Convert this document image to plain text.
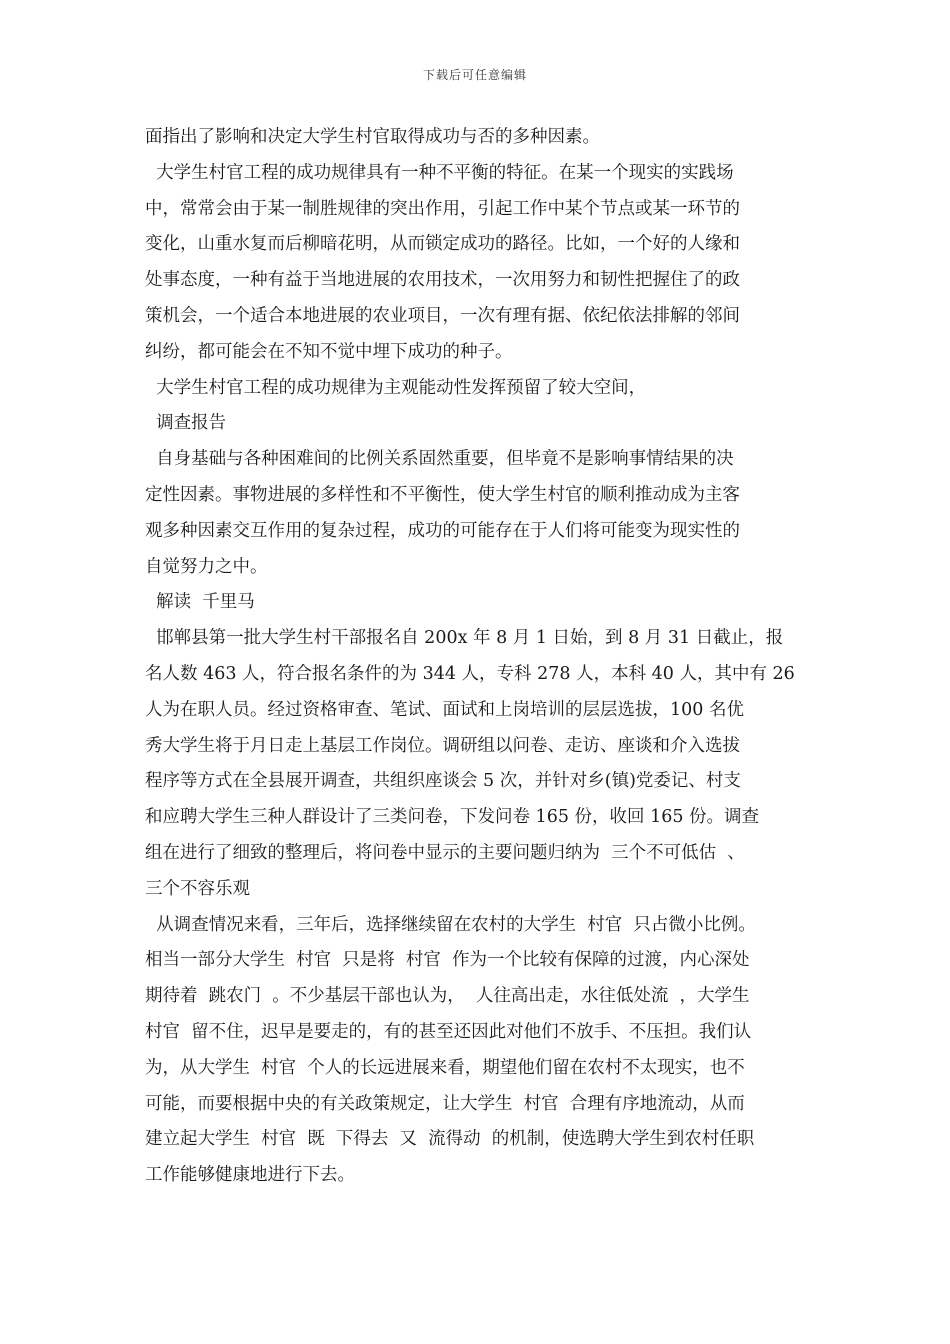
下载后可任意编辑
面指出了影响和决定大学生村官取得成功与否的多种因素。
大学生村官工程的成功规律具有一种不平衡的特征。在某一个现实的实践场
中，常常会由于某一制胜规律的突出作用，引起工作中某个节点或某一环节的
变化，山重水复而后柳暗花明，从而锁定成功的路径。比如，一个好的人缘和
处事态度，一种有益于当地进展的农用技术，一次用努力和韧性把握住了的政
策机会，一个适合本地进展的农业项目，一次有理有据、依纪依法排解的邻间
纠纷，都可能会在不知不觉中埋下成功的种子。
大学生村官工程的成功规律为主观能动性发挥预留了较大空间，
调查报告
自身基础与各种困难间的比例关系固然重要，但毕竟不是影响事情结果的决
定性因素。事物进展的多样性和不平衡性，使大学生村官的顺利推动成为主客
观多种因素交互作用的复杂过程，成功的可能存在于人们将可能变为现实性的
自觉努力之中。
解读  千里马
邯郸县第一批大学生村干部报名自 200x 年 8 月 1 日始，到 8 月 31 日截止，报
名人数 463 人，符合报名条件的为 344 人，专科 278 人，本科 40 人，其中有 26
人为在职人员。经过资格审查、笔试、面试和上岗培训的层层选拔，100 名优
秀大学生将于月日走上基层工作岗位。调研组以问卷、走访、座谈和介入选拔
程序等方式在全县展开调查，共组织座谈会 5 次，并针对乡(镇)党委记、村支
和应聘大学生三种人群设计了三类问卷，下发问卷 165 份，收回 165 份。调查
组在进行了细致的整理后，将问卷中显示的主要问题归纳为  三个不可低估  、
三个不容乐观
从调查情况来看，三年后，选择继续留在农村的大学生  村官  只占微小比例。
相当一部分大学生  村官  只是将  村官  作为一个比较有保障的过渡，内心深处
期待着  跳农门  。不少基层干部也认为，  人往高出走，水往低处流  ，大学生
村官  留不住，迟早是要走的，有的甚至还因此对他们不放手、不压担。我们认
为，从大学生  村官  个人的长远进展来看，期望他们留在农村不太现实，也不
可能，而要根据中央的有关政策规定，让大学生  村官  合理有序地流动，从而
建立起大学生  村官  既  下得去  又  流得动  的机制，使选聘大学生到农村任职
工作能够健康地进行下去。
